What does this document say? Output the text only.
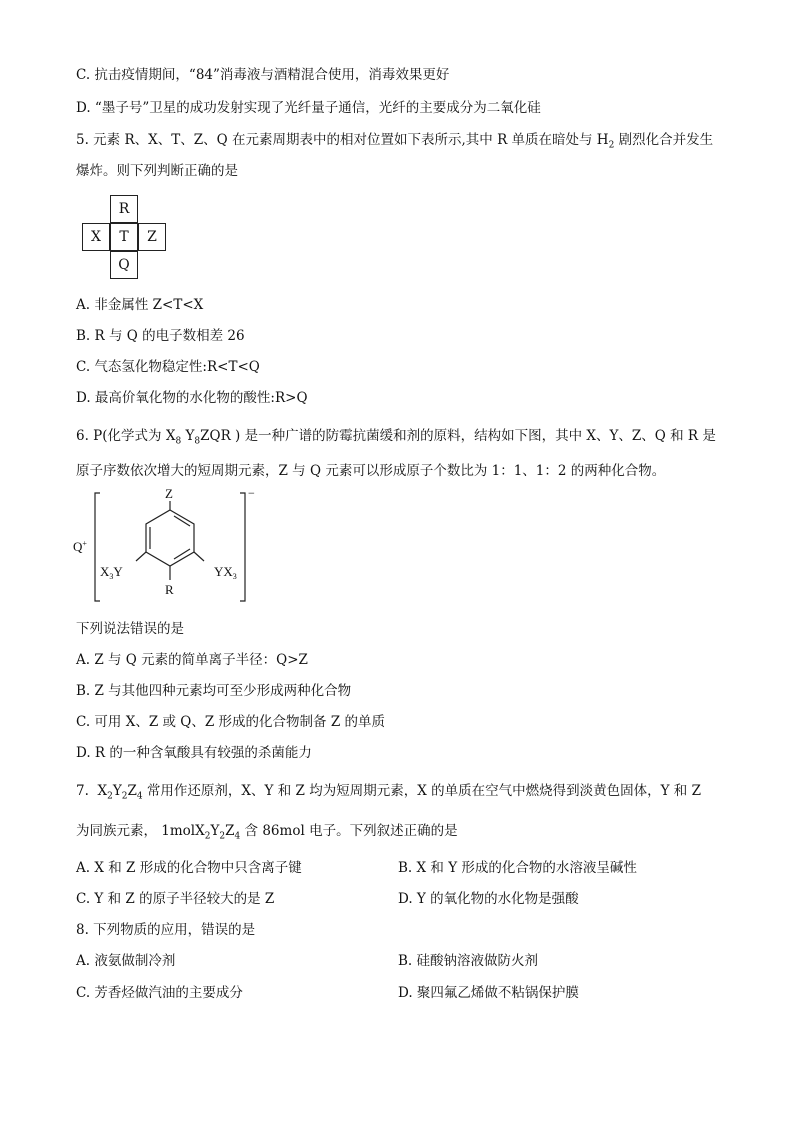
C. 抗击疫情期间，“84”消毒液与酒精混合使用，消毒效果更好
D. “墨子号”卫星的成功发射实现了光纤量子通信，光纤的主要成分为二氧化硅
5. 元素 R、X、T、Z、Q 在元素周期表中的相对位置如下表所示,其中 R 单质在暗处与 $H_2$ 剧烈化合并发生
爆炸。则下列判断正确的是
R
X	T	Z
Q
A. 非金属性 Z<T<X
B. R 与 Q 的电子数相差 26
C. 气态氢化物稳定性:R<T<Q
D. 最高价氧化物的水化物的酸性:R>Q
6. P(化学式为 $X_8$ $Y_8ZQR$ ) 是一种广谱的防霉抗菌缓和剂的原料，结构如下图，其中 X、Y、Z、Q 和 R 是
原子序数依次增大的短周期元素，Z 与 Q 元素可以形成原子个数比为 1：1、1：2 的两种化合物。
Z
Q+
−
$X_3Y$	$YX_3$
R
下列说法错误的是
A. Z 与 Q 元素的简单离子半径：Q>Z
B. Z 与其他四种元素均可至少形成两种化合物
C. 可用 X、Z 或 Q、Z 形成的化合物制备 Z 的单质
D. R 的一种含氧酸具有较强的杀菌能力
7. $X_2Y_2Z_4$ 常用作还原剂，X、Y 和 Z 均为短周期元素，X 的单质在空气中燃烧得到淡黄色固体，Y 和 Z
为同族元素， $1molX_2Y_2Z_4$ 含 86mol 电子。下列叙述正确的是
A. X 和 Z 形成的化合物中只含离子键	B. X 和 Y 形成的化合物的水溶液呈碱性
C. Y 和 Z 的原子半径较大的是 Z	D. Y 的氧化物的水化物是强酸
8. 下列物质的应用，错误的是
A. 液氨做制冷剂	B. 硅酸钠溶液做防火剂
C. 芳香烃做汽油的主要成分	D. 聚四氟乙烯做不粘锅保护膜
